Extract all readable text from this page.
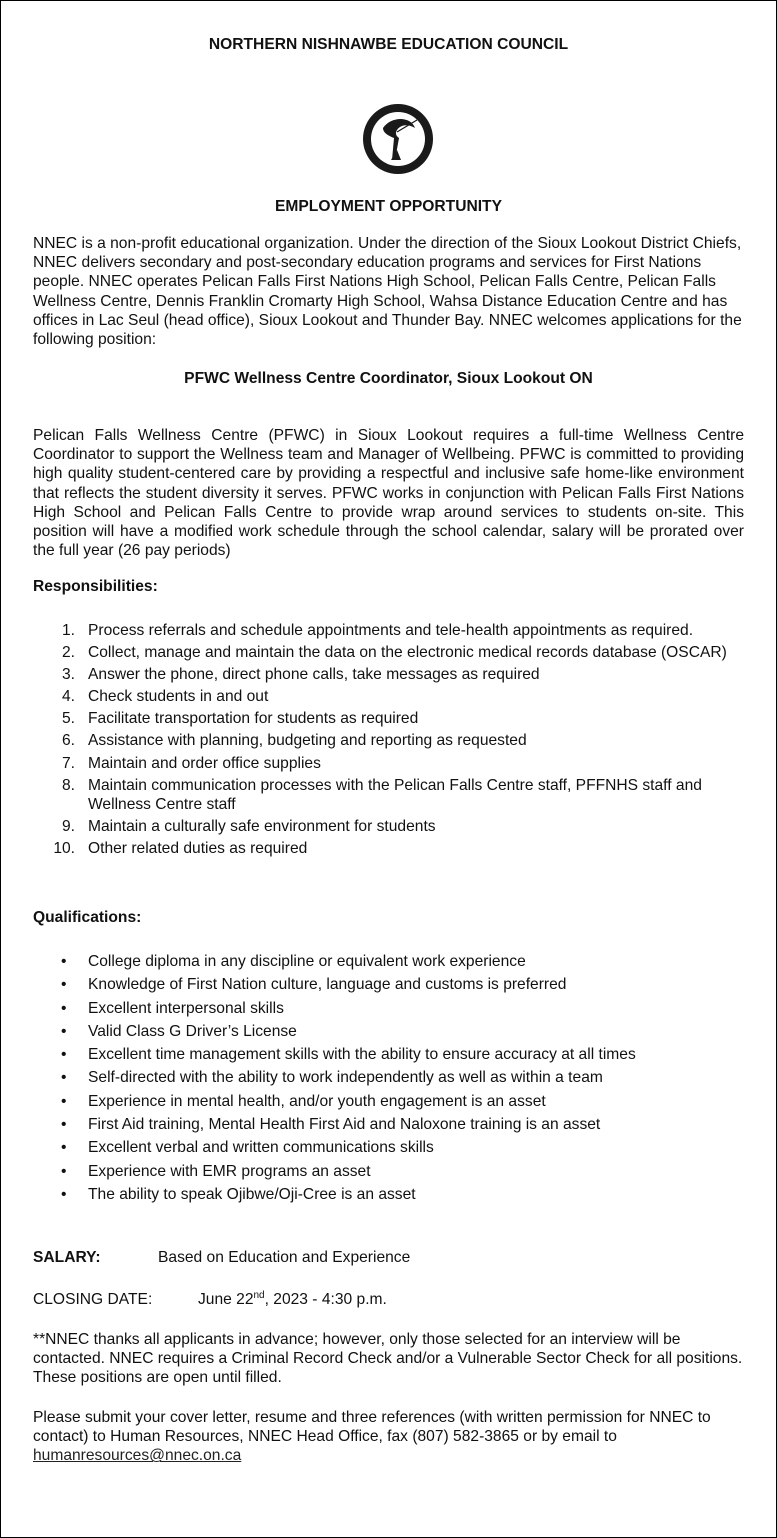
NORTHERN NISHNAWBE EDUCATION COUNCIL
EMPLOYMENT OPPORTUNITY
NNEC is a non-profit educational organization. Under the direction of the Sioux Lookout District Chiefs, NNEC delivers secondary and post-secondary education programs and services for First Nations people. NNEC operates Pelican Falls First Nations High School, Pelican Falls Centre, Pelican Falls Wellness Centre, Dennis Franklin Cromarty High School, Wahsa Distance Education Centre and has offices in Lac Seul (head office), Sioux Lookout and Thunder Bay. NNEC welcomes applications for the following position:
PFWC Wellness Centre Coordinator, Sioux Lookout ON
Pelican Falls Wellness Centre (PFWC) in Sioux Lookout requires a full-time Wellness Centre Coordinator to support the Wellness team and Manager of Wellbeing. PFWC is committed to providing high quality student-centered care by providing a respectful and inclusive safe home-like environment that reflects the student diversity it serves. PFWC works in conjunction with Pelican Falls First Nations High School and Pelican Falls Centre to provide wrap around services to students on-site. This position will have a modified work schedule through the school calendar, salary will be prorated over the full year (26 pay periods)
Responsibilities:
1. Process referrals and schedule appointments and tele-health appointments as required.
2. Collect, manage and maintain the data on the electronic medical records database (OSCAR)
3. Answer the phone, direct phone calls, take messages as required
4. Check students in and out
5. Facilitate transportation for students as required
6. Assistance with planning, budgeting and reporting as requested
7. Maintain and order office supplies
8. Maintain communication processes with the Pelican Falls Centre staff, PFFNHS staff and Wellness Centre staff
9. Maintain a culturally safe environment for students
10. Other related duties as required
Qualifications:
• College diploma in any discipline or equivalent work experience
• Knowledge of First Nation culture, language and customs is preferred
• Excellent interpersonal skills
• Valid Class G Driver’s License
• Excellent time management skills with the ability to ensure accuracy at all times
• Self-directed with the ability to work independently as well as within a team
• Experience in mental health, and/or youth engagement is an asset
• First Aid training, Mental Health First Aid and Naloxone training is an asset
• Excellent verbal and written communications skills
• Experience with EMR programs an asset
• The ability to speak Ojibwe/Oji-Cree is an asset
SALARY:	Based on Education and Experience
CLOSING DATE:	June 22nd, 2023 - 4:30 p.m.
**NNEC thanks all applicants in advance; however, only those selected for an interview will be contacted. NNEC requires a Criminal Record Check and/or a Vulnerable Sector Check for all positions. These positions are open until filled.
Please submit your cover letter, resume and three references (with written permission for NNEC to contact) to Human Resources, NNEC Head Office, fax (807) 582-3865 or by email to
humanresources@nnec.on.ca
